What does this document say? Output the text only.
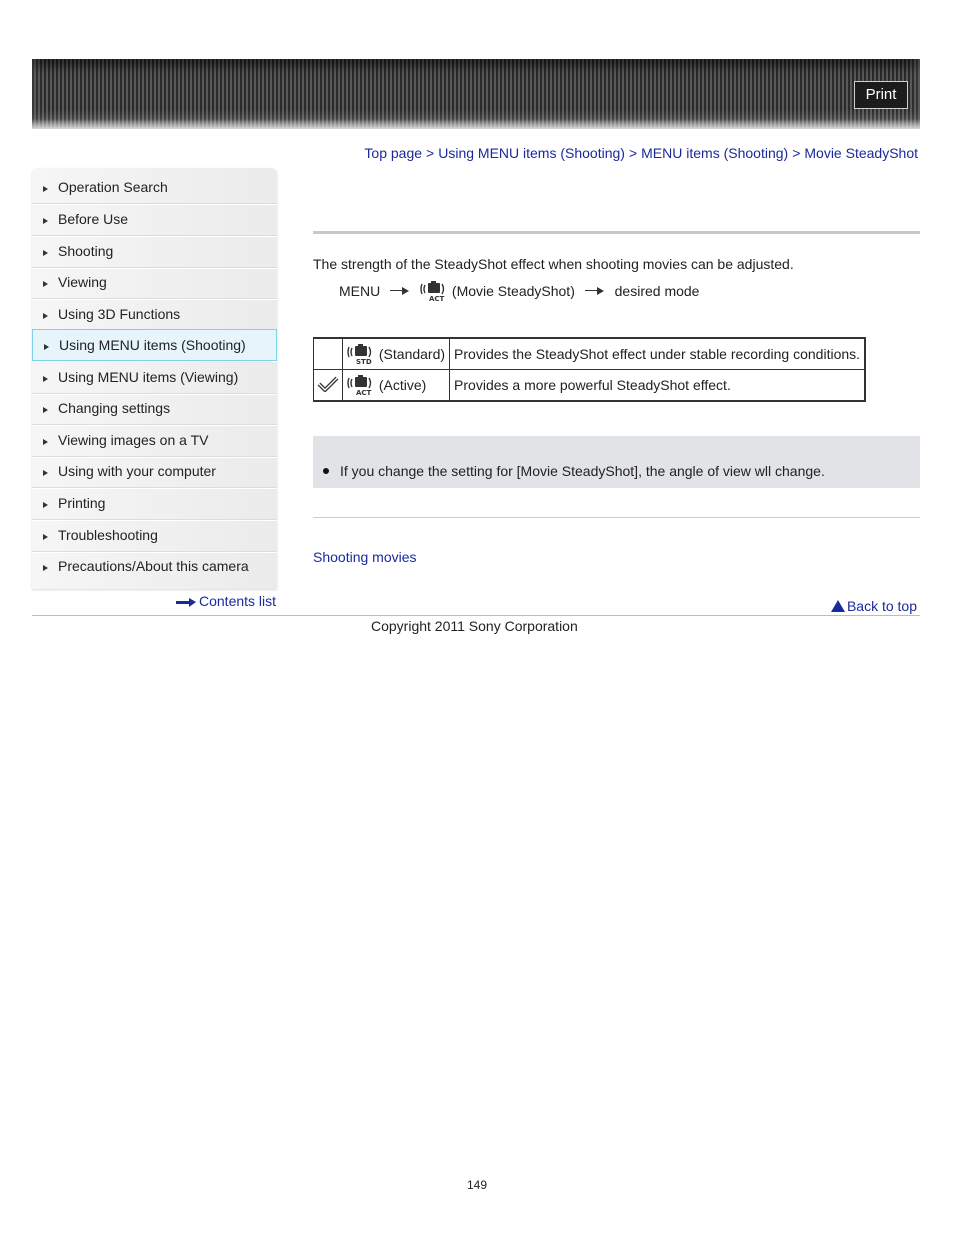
Print
Top page > Using MENU items (Shooting) > MENU items (Shooting) > Movie SteadyShot
Operation Search
Before Use
Shooting
Viewing
Using 3D Functions
Using MENU items (Shooting)
Using MENU items (Viewing)
Changing settings
Viewing images on a TV
Using with your computer
Printing
Troubleshooting
Precautions/About this camera
Contents list
The strength of the SteadyShot effect when shooting movies can be adjusted.
MENU	ACT (Movie SteadyShot)	desired mode

STD (Standard)	Provides the SteadyShot effect under stable recording conditions.

ACT (Active)	Provides a more powerful SteadyShot effect.
If you change the setting for [Movie SteadyShot], the angle of view wll change.
Shooting movies
Back to top
Copyright 2011 Sony Corporation
149
